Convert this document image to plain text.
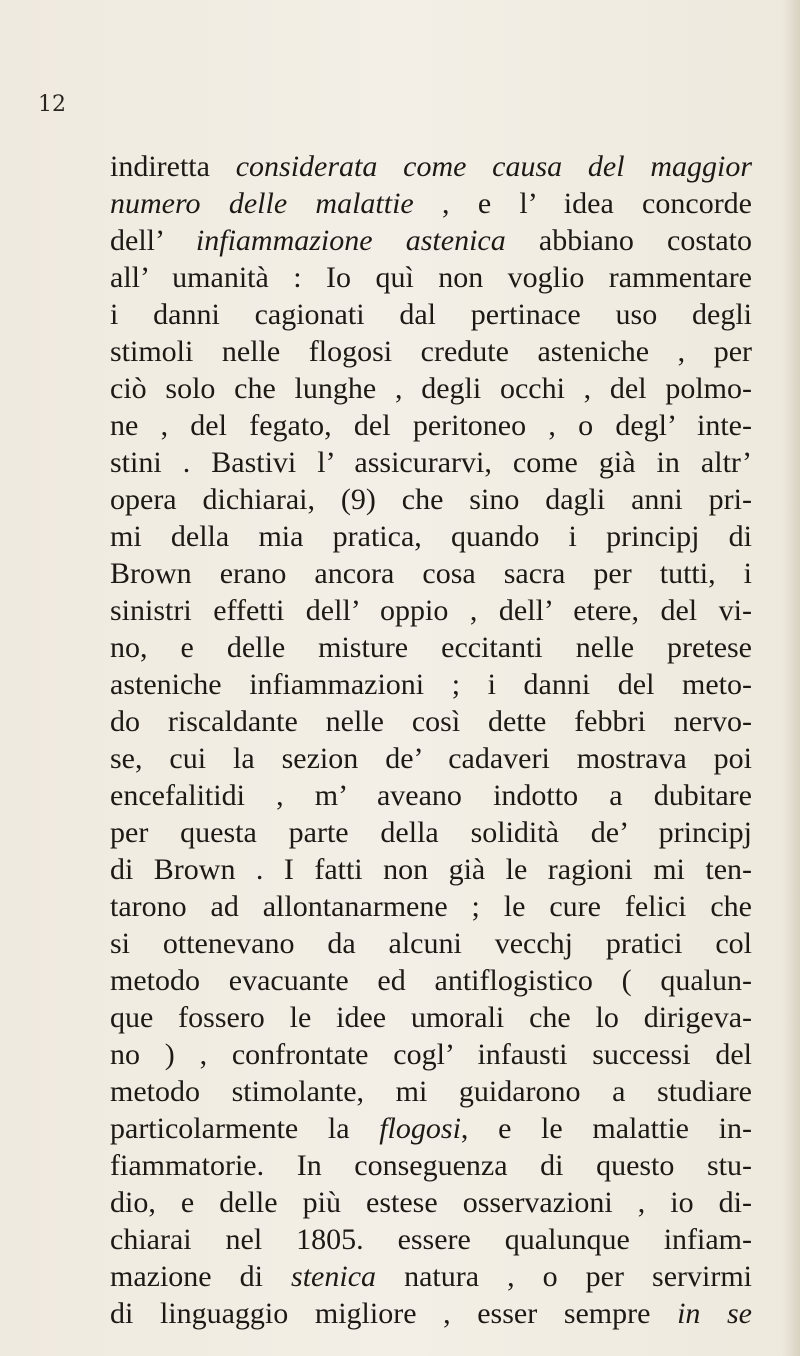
12
indiretta considerata come causa del maggior
numero delle malattie , e l’ idea concorde
dell’ infiammazione astenica abbiano costato
all’ umanità : Io quì non voglio rammentare
i danni cagionati dal pertinace uso degli
stimoli nelle flogosi credute asteniche , per
ciò solo che lunghe , degli occhi , del polmo-
ne , del fegato, del peritoneo , o degl’ inte-
stini . Bastivi l’ assicurarvi, come già in altr’
opera dichiarai, (9) che sino dagli anni pri-
mi della mia pratica, quando i principj di
Brown erano ancora cosa sacra per tutti, i
sinistri effetti dell’ oppio , dell’ etere, del vi-
no, e delle misture eccitanti nelle pretese
asteniche infiammazioni ; i danni del meto-
do riscaldante nelle così dette febbri nervo-
se, cui la sezion de’ cadaveri mostrava poi
encefalitidi , m’ aveano indotto a dubitare
per questa parte della solidità de’ principj
di Brown . I fatti non già le ragioni mi ten-
tarono ad allontanarmene ; le cure felici che
si ottenevano da alcuni vecchj pratici col
metodo evacuante ed antiflogistico ( qualun-
que fossero le idee umorali che lo dirigeva-
no ) , confrontate cogl’ infausti successi del
metodo stimolante, mi guidarono a studiare
particolarmente la flogosi, e le malattie in-
fiammatorie. In conseguenza di questo stu-
dio, e delle più estese osservazioni , io di-
chiarai nel 1805. essere qualunque infiam-
mazione di stenica natura , o per servirmi
di linguaggio migliore , esser sempre in se
